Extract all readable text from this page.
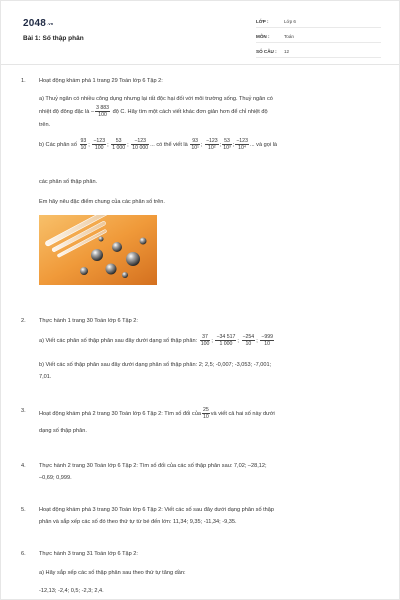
2048.vn
Bài 1: Số thập phân
LỚP :	Lớp 6
MÔN :	Toán
SỐ CÂU :	12
1.	Hoạt động khám phá 1 trang 29 Toán lớp 6 Tập 2:
a) Thuỷ ngân có nhiều công dụng nhưng lại rất độc hại đối với môi trường sống. Thuỷ ngân có
nhiệt độ đông đặc là – $\frac{3 883}{100}$ độ C. Hãy tìm một cách viết khác đơn giản hơn để chỉ nhiệt độ
trên.
b) Các phân số $\frac{93}{10}$ ; $\frac{-123}{100}$ ; $\frac{53}{1 000}$ ; $\frac{-123}{10 000}$ ... có thể viết là $\frac{93}{\text{10¹}}$ ; $\frac{-123}{\text{10²}}$ ; $\frac{53}{\text{10³}}$ ; $\frac{-123}{\text{10⁴}}$ ... và gọi là
các phân số thập phân.
Em hãy nêu đặc điểm chung của các phân số trên.
2.	Thực hành 1 trang 30 Toán lớp 6 Tập 2:
a) Viết các phân số thập phân sau đây dưới dạng số thập phân: $\frac{37}{100}$ ; $\frac{-34 517}{1 000}$ ; $\frac{-254}{10}$ ; $\frac{-999}{10}$
b) Viết các số thập phân sau đây dưới dạng phân số thập phân: 2; 2,5; -0,007; -3,053; -7,001;
7,01.
3.	Hoạt động khám phá 2 trang 30 Toán lớp 6 Tập 2: Tìm số đối của $\frac{25}{10}$ và viết cả hai số này dưới
dạng số thập phân.
4.	Thực hành 2 trang 30 Toán lớp 6 Tập 2: Tìm số đối của các số thập phân sau: 7,02; –28,12;
–0,69; 0,999.
5.	Hoạt động khám phá 3 trang 30 Toán lớp 6 Tập 2: Viết các số sau đây dưới dạng phân số thập
phân và sắp xếp các số đó theo thứ tự từ bé đến lớn: 11,34; 9,35; -11,34; -9,35.
6.	Thực hành 3 trang 31 Toán lớp 6 Tập 2:
a) Hãy sắp xếp các số thập phân sau theo thứ tự tăng dần:
-12,13; -2,4; 0,5; -2,3; 2,4.
